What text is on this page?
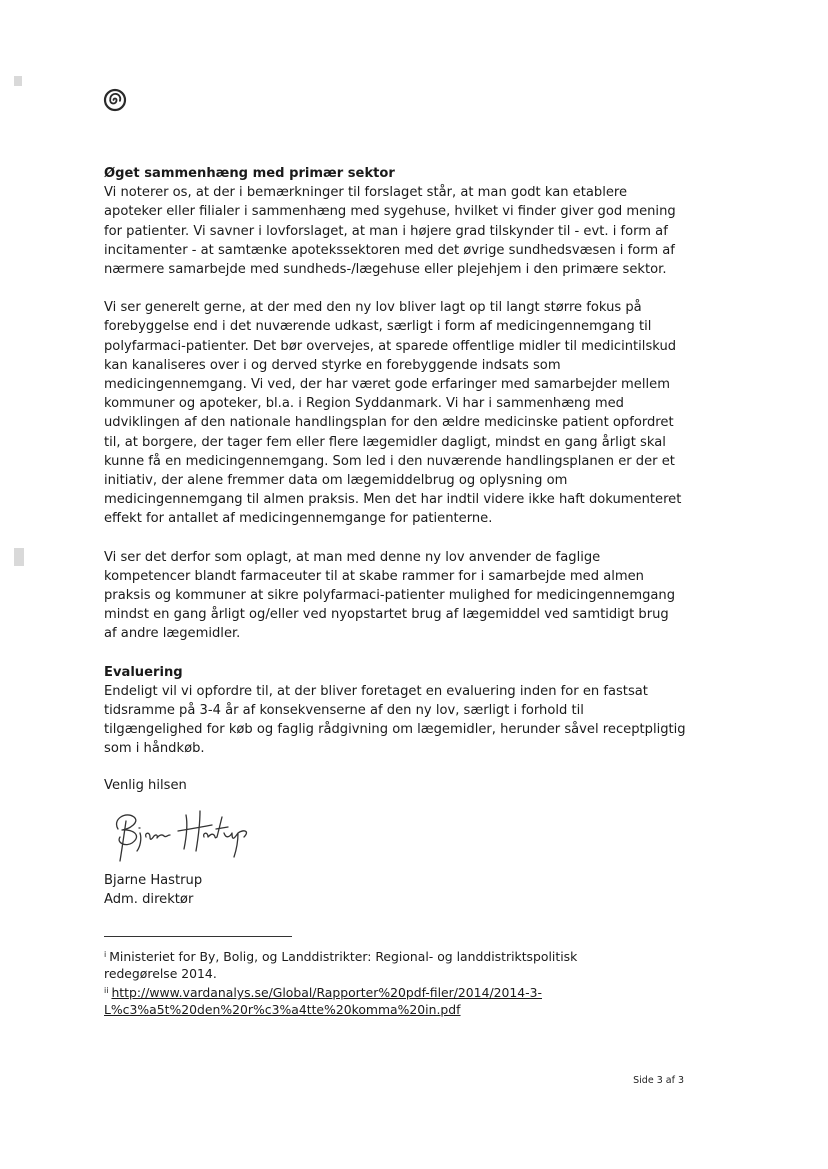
Øget sammenhæng med primær sektor

Vi noterer os, at der i bemærkninger til forslaget står, at man godt kan etablere
apoteker eller filialer i sammenhæng med sygehuse, hvilket vi finder giver god mening
for patienter. Vi savner i lovforslaget, at man i højere grad tilskynder til - evt. i form af
incitamenter - at samtænke apotekssektoren med det øvrige sundhedsvæsen i form af
nærmere samarbejde med sundheds-/lægehuse eller plejehjem i den primære sektor.

Vi ser generelt gerne, at der med den ny lov bliver lagt op til langt større fokus på
forebyggelse end i det nuværende udkast, særligt i form af medicingennemgang til
polyfarmaci-patienter. Det bør overvejes, at sparede offentlige midler til medicintilskud
kan kanaliseres over i og derved styrke en forebyggende indsats som
medicingennemgang. Vi ved, der har været gode erfaringer med samarbejder mellem
kommuner og apoteker, bl.a. i Region Syddanmark. Vi har i sammenhæng med
udviklingen af den nationale handlingsplan for den ældre medicinske patient opfordret
til, at borgere, der tager fem eller flere lægemidler dagligt, mindst en gang årligt skal
kunne få en medicingennemgang. Som led i den nuværende handlingsplanen er der et
initiativ, der alene fremmer data om lægemiddelbrug og oplysning om
medicingennemgang til almen praksis. Men det har indtil videre ikke haft dokumenteret
effekt for antallet af medicingennemgange for patienterne.

Vi ser det derfor som oplagt, at man med denne ny lov anvender de faglige
kompetencer blandt farmaceuter til at skabe rammer for i samarbejde med almen
praksis og kommuner at sikre polyfarmaci-patienter mulighed for medicingennemgang
mindst en gang årligt og/eller ved nyopstartet brug af lægemiddel ved samtidigt brug
af andre lægemidler.

Evaluering

Endeligt vil vi opfordre til, at der bliver foretaget en evaluering inden for en fastsat
tidsramme på 3-4 år af konsekvenserne af den ny lov, særligt i forhold til
tilgængelighed for køb og faglig rådgivning om lægemidler, herunder såvel receptpligtig
som i håndkøb.

Venlig hilsen

Bjarne Hastrup
Adm. direktør
$^i$ Ministeriet for By, Bolig, og Landdistrikter: Regional- og landdistriktspolitisk
redegørelse 2014.
$^{ii}$ http://www.vardanalys.se/Global/Rapporter%20pdf-filer/2014/2014-3-
L%c3%a5t%20den%20r%c3%a4tte%20komma%20in.pdf
Side 3 af 3
